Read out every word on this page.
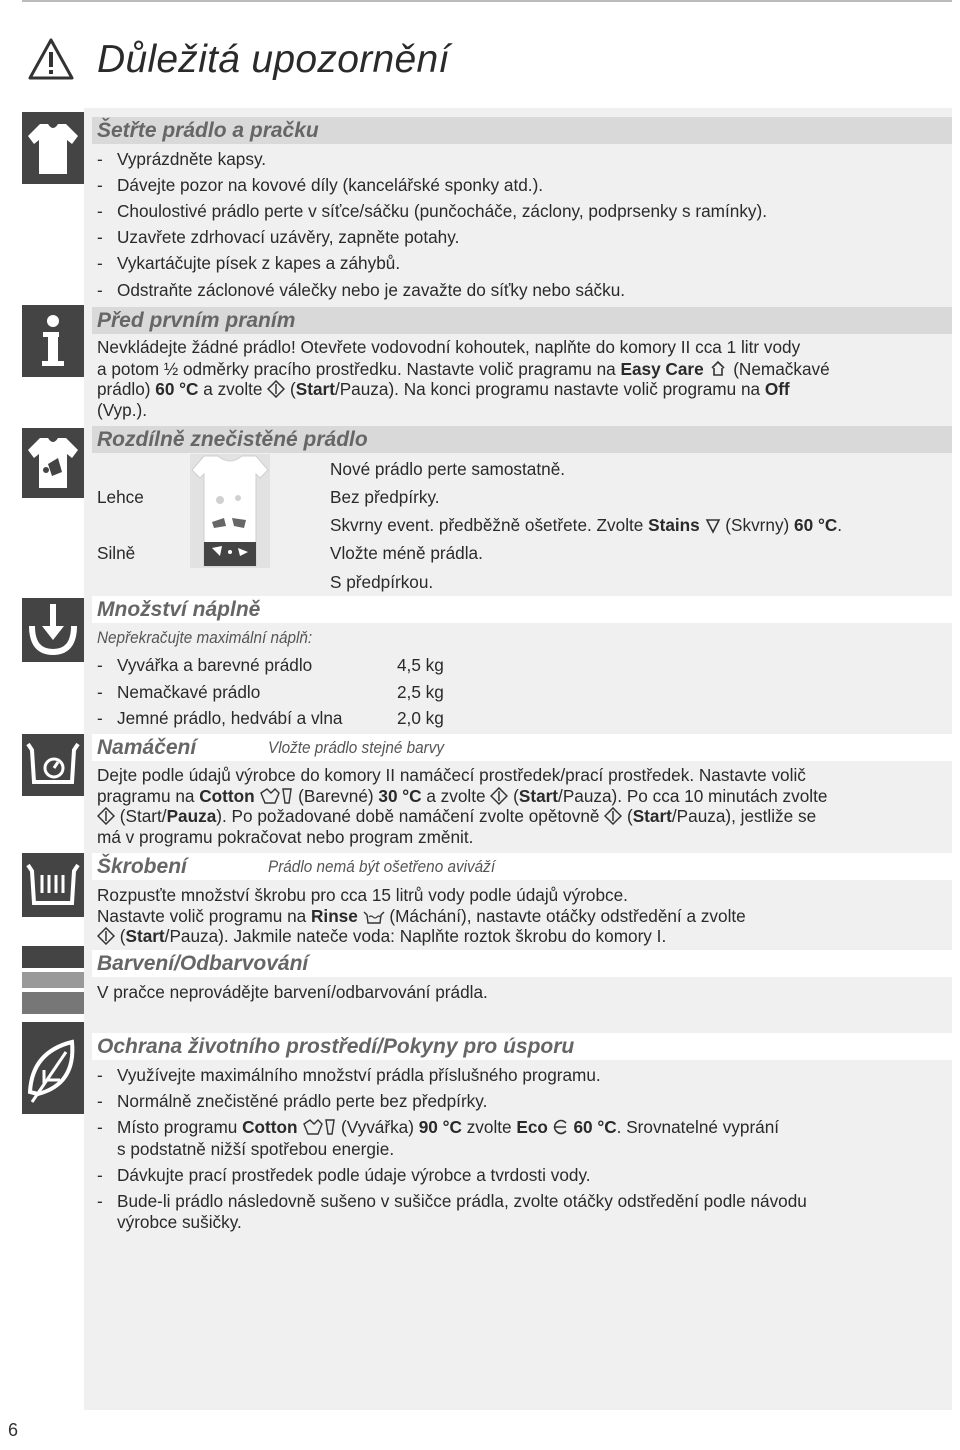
Důležitá upozornění
Šetřte prádlo a pračku
- Vyprázdněte kapsy.
- Dávejte pozor na kovové díly (kancelářské sponky atd.).
- Choulostivé prádlo perte v síťce/sáčku (punčocháče, záclony, podprsenky s ramínky).
- Uzavřete zdrhovací uzávěry, zapněte potahy.
- Vykartáčujte písek z kapes a záhybů.
- Odstraňte záclonové válečky nebo je zavažte do síťky nebo sáčku.
Před prvním praním
Nevkládejte žádné prádlo! Otevřete vodovodní kohoutek, naplňte do komory II cca 1 litr vody
a potom ½ odměrky pracího prostředku. Nastavte volič pragramu na Easy Care  (Nemačkavé
prádlo) 60 °C a zvolte  (Start/Pauza). Na konci programu nastavte volič programu na Off
(Vyp.).
Rozdílně znečistěné prádlo
Nové prádlo perte samostatně.
Lehce	Bez předpírky.
Skvrny event. předběžně ošetřete. Zvolte Stains  (Skvrny) 60 °C.
Silně	Vložte méně prádla.
S předpírkou.
Množství náplně
Nepřekračujte maximální náplň:
- Vyvářka a barevné prádlo	4,5 kg
- Nemačkavé prádlo	2,5 kg
- Jemné prádlo, hedvábí a vlna	2,0 kg
Namáčení	Vložte prádlo stejné barvy
Dejte podle údajů výrobce do komory II namáčecí prostředek/prací prostředek. Nastavte volič
pragramu na Cotton  (Barevné) 30 °C a zvolte  (Start/Pauza). Po cca 10 minutách zvolte
(Start/Pauza). Po požadované době namáčení zvolte opětovně  (Start/Pauza), jestliže se
má v programu pokračovat nebo program změnit.
Škrobení	Prádlo nemá být ošetřeno aviváží
Rozpusťte množství škrobu pro cca 15 litrů vody podle údajů výrobce.
Nastavte volič programu na Rinse  (Máchání), nastavte otáčky odstředění a zvolte
(Start/Pauza). Jakmile nateče voda: Naplňte roztok škrobu do komory I.
Barvení/Odbarvování
V pračce neprovádějte barvení/odbarvování prádla.
Ochrana životního prostředí/Pokyny pro úsporu
- Využívejte maximálního množství prádla příslušného programu.
- Normálně znečistěné prádlo perte bez předpírky.
- Místo programu Cotton  (Vyvářka) 90 °C zvolte Eco 60 °C. Srovnatelné vyprání
s podstatně nižší spotřebou energie.
- Dávkujte prací prostředek podle údaje výrobce a tvrdosti vody.
- Bude-li prádlo následovně sušeno v sušičce prádla, zvolte otáčky odstředění podle návodu
výrobce sušičky.
6
